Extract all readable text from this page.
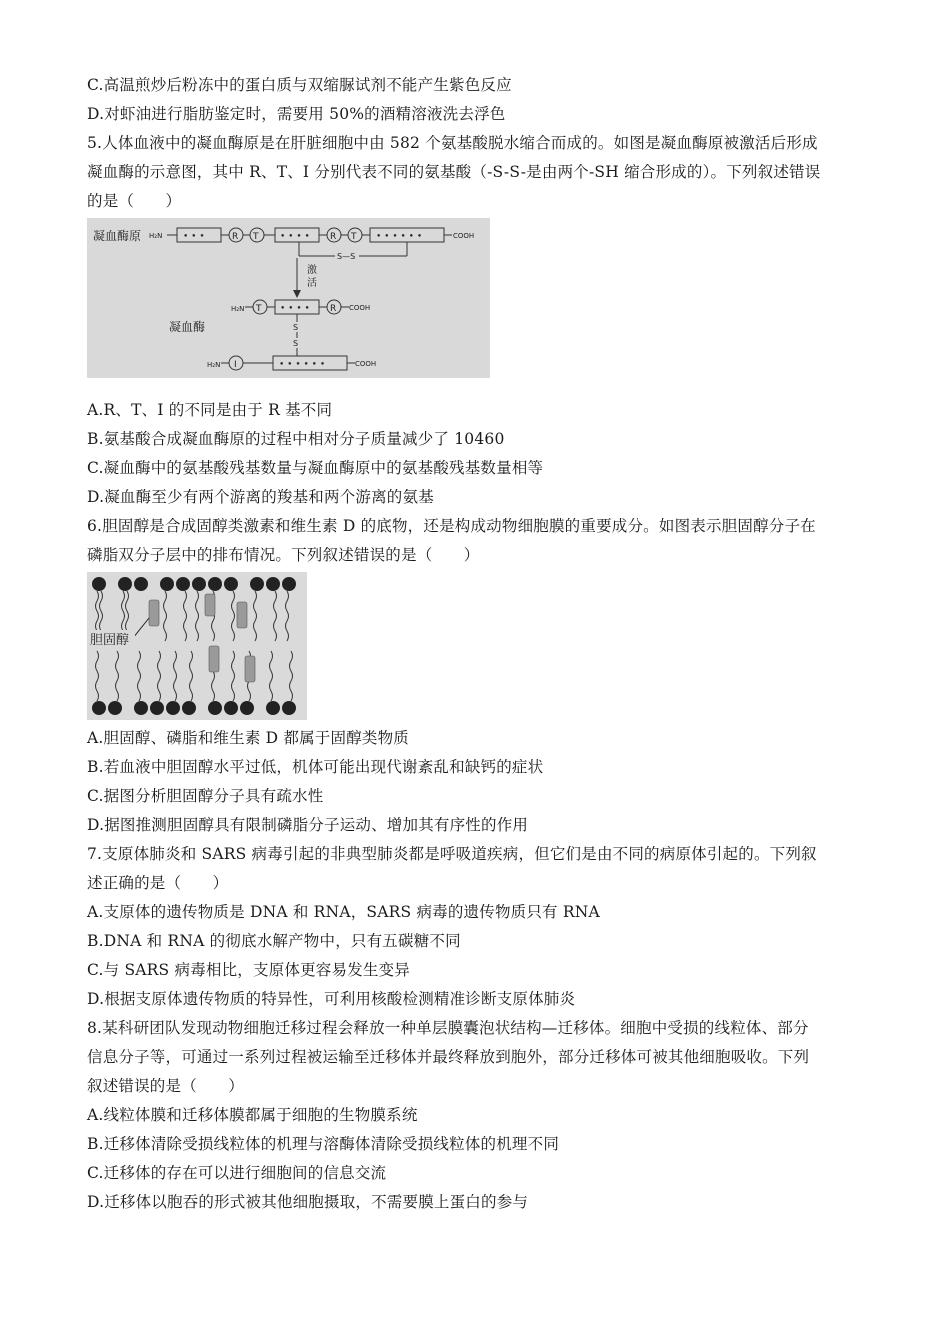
C.高温煎炒后粉冻中的蛋白质与双缩脲试剂不能产生紫色反应
D.对虾油进行脂肪鉴定时，需要用 50%的酒精溶液洗去浮色
5.人体血液中的凝血酶原是在肝脏细胞中由 582 个氨基酸脱水缩合而成的。如图是凝血酶原被激活后形成
凝血酶的示意图，其中 R、T、I 分别代表不同的氨基酸（-S-S-是由两个-SH 缩合形成的）。下列叙述错误
的是（　　）
凝血酶原 H₂N • • •	R T • • • • R T • • • • • •	COOH
S—S
激
活
H₂N T • • • • R COOH
凝血酶	S
S
H₂N I	• • • • • •	COOH
A.R、T、I 的不同是由于 R 基不同
B.氨基酸合成凝血酶原的过程中相对分子质量减少了 10460
C.凝血酶中的氨基酸残基数量与凝血酶原中的氨基酸残基数量相等
D.凝血酶至少有两个游离的羧基和两个游离的氨基
6.胆固醇是合成固醇类激素和维生素 D 的底物，还是构成动物细胞膜的重要成分。如图表示胆固醇分子在
磷脂双分子层中的排布情况。下列叙述错误的是（　　）
胆固醇
A.胆固醇、磷脂和维生素 D 都属于固醇类物质
B.若血液中胆固醇水平过低，机体可能出现代谢紊乱和缺钙的症状
C.据图分析胆固醇分子具有疏水性
D.据图推测胆固醇具有限制磷脂分子运动、增加其有序性的作用
7.支原体肺炎和 SARS 病毒引起的非典型肺炎都是呼吸道疾病，但它们是由不同的病原体引起的。下列叙
述正确的是（　　）
A.支原体的遗传物质是 DNA 和 RNA，SARS 病毒的遗传物质只有 RNA
B.DNA 和 RNA 的彻底水解产物中，只有五碳糖不同
C.与 SARS 病毒相比，支原体更容易发生变异
D.根据支原体遗传物质的特异性，可利用核酸检测精准诊断支原体肺炎
8.某科研团队发现动物细胞迁移过程会释放一种单层膜囊泡状结构—迁移体。细胞中受损的线粒体、部分
信息分子等，可通过一系列过程被运输至迁移体并最终释放到胞外，部分迁移体可被其他细胞吸收。下列
叙述错误的是（　　）
A.线粒体膜和迁移体膜都属于细胞的生物膜系统
B.迁移体清除受损线粒体的机理与溶酶体清除受损线粒体的机理不同
C.迁移体的存在可以进行细胞间的信息交流
D.迁移体以胞吞的形式被其他细胞摄取，不需要膜上蛋白的参与
